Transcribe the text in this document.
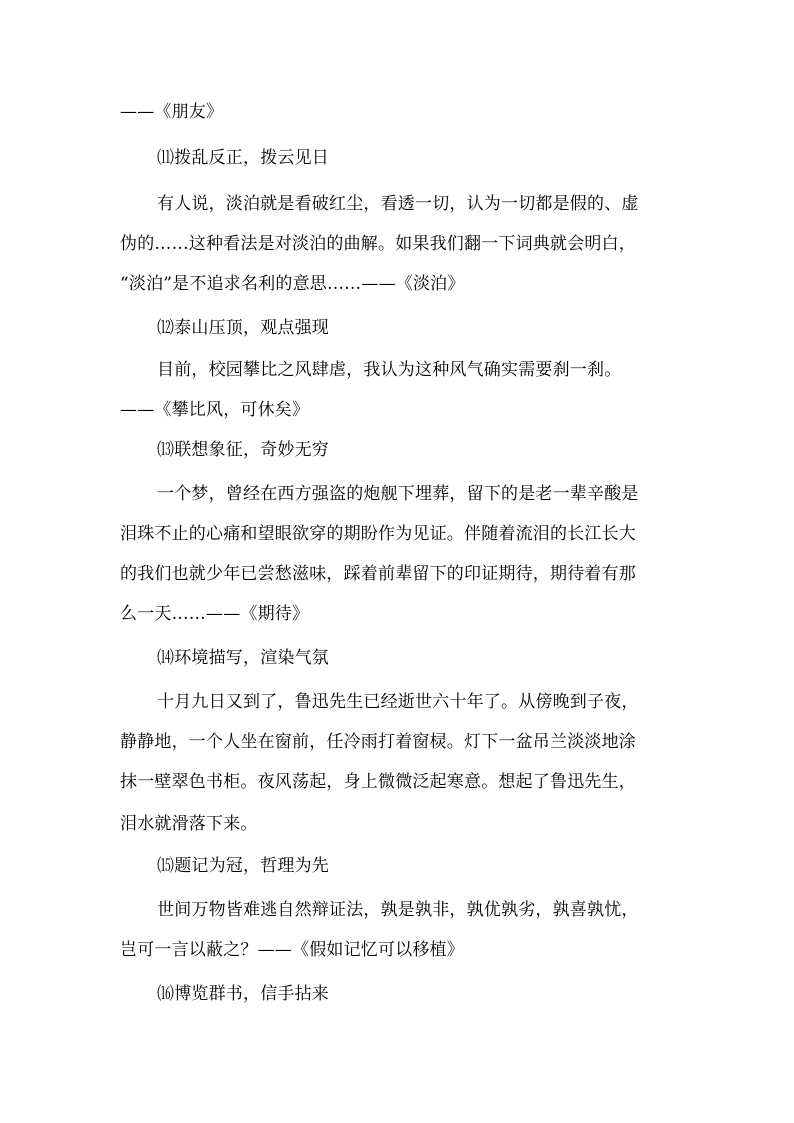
——《朋友》
⑾拨乱反正，拨云见日
有人说，淡泊就是看破红尘，看透一切，认为一切都是假的、虚
伪的……这种看法是对淡泊的曲解。如果我们翻一下词典就会明白，
“淡泊”是不追求名利的意思……——《淡泊》
⑿泰山压顶，观点强现
目前，校园攀比之风肆虐，我认为这种风气确实需要刹一刹。
——《攀比风，可休矣》
⒀联想象征，奇妙无穷
一个梦，曾经在西方强盗的炮舰下埋葬，留下的是老一辈辛酸是
泪珠不止的心痛和望眼欲穿的期盼作为见证。伴随着流泪的长江长大
的我们也就少年已尝愁滋味，踩着前辈留下的印证期待，期待着有那
么一天……——《期待》
⒁环境描写，渲染气氛
十月九日又到了，鲁迅先生已经逝世六十年了。从傍晚到子夜，
静静地，一个人坐在窗前，任冷雨打着窗棂。灯下一盆吊兰淡淡地涂
抹一壁翠色书柜。夜风荡起，身上微微泛起寒意。想起了鲁迅先生，
泪水就滑落下来。
⒂题记为冠，哲理为先
世间万物皆难逃自然辩证法，孰是孰非，孰优孰劣，孰喜孰忧，
岂可一言以蔽之？——《假如记忆可以移植》
⒃博览群书，信手拈来
